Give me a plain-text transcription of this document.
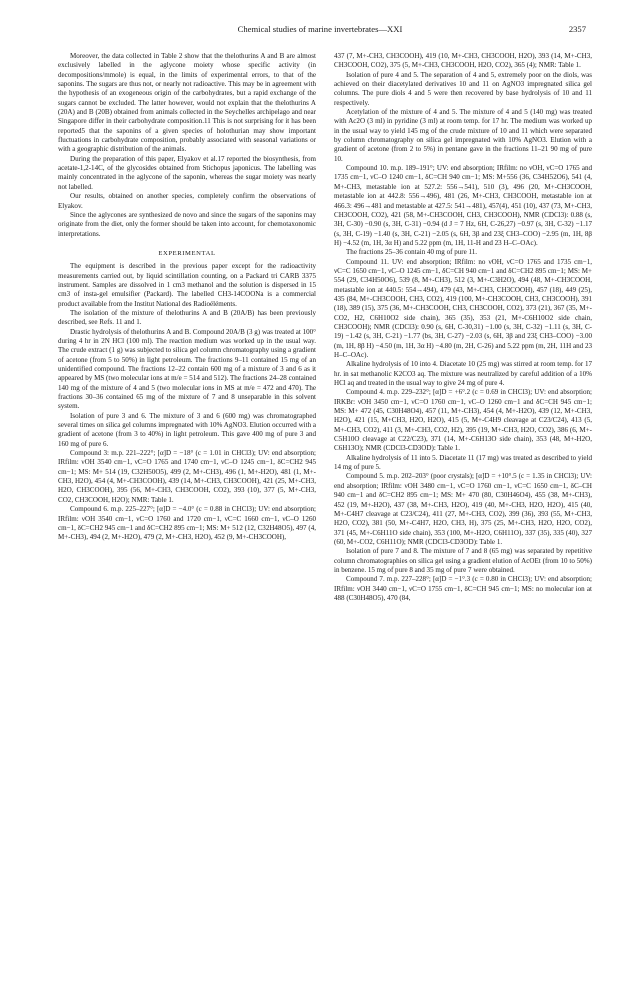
Chemical studies of marine invertebrates—XXI	2357

Moreover, the data collected in Table 2 show that the thelothurins A and B are almost exclusively labelled in the aglycone moiety whose specific activity (in decompositions/mmole) is equal, in the limits of experimental errors, to that of the saponins. The sugars are thus not, or nearly not radioactive. This may be in agreement with the hypothesis of an exogeneous origin of the carbohydrates, but a rapid exchange of the sugars cannot be excluded. The latter however, would not explain that the thelothurins A (20A) and B (20B) obtained from animals collected in the Seychelles archipelago and near Singapore differ in their carbohydrate composition.11 This is not surprising for it has been reported5 that the saponins of a given species of holothurian may show important fluctuations in carbohydrate composition, probably associated with seasonal variations or with a geographic distribution of the animals.

During the preparation of this paper, Elyakov et al.17 reported the biosynthesis, from acetate-1,2-14C, of the glycosides obtained from Stichopus japonicus. The labelling was mainly concentrated in the aglycone of the saponin, whereas the sugar moiety was nearly not labelled.

Our results, obtained on another species, completely confirm the observations of Elyakov.

Since the aglycones are synthesized de novo and since the sugars of the saponins may originate from the diet, only the former should be taken into account, for chemotaxonomic interpretations.

EXPERIMENTAL

The equipment is described in the previous paper except for the radioactivity measurements carried out, by liquid scintillation counting, on a Packard tri CARB 3375 instrument. Samples are dissolved in 1 cm3 methanol and the solution is dispersed in 15 cm3 of insta-gel emulsifier (Packard). The labelled CH3-14COONa is a commercial product available from the Institut National des Radioéléments.

The isolation of the mixture of thelothurins A and B (20A/B) has been previously described, see Refs. 11 and 1.

Drastic hydrolysis of thelothurins A and B. Compound 20A/B (3 g) was treated at 100° during 4 hr in 2N HCl (100 ml). The reaction medium was worked up in the usual way. The crude extract (1 g) was subjected to silica gel column chromatography using a gradient of acetone (from 5 to 50%) in light petroleum. The fractions 9–11 contained 15 mg of an unidentified compound. The fractions 12–22 contain 600 mg of a mixture of 3 and 6 as it appeared by MS (two molecular ions at m/e = 514 and 512). The fractions 24–28 contained 140 mg of the mixture of 4 and 5 (two molecular ions in MS at m/e = 472 and 470). The fractions 30–36 contained 65 mg of the mixture of 7 and 8 unseparable in this solvent system.

Isolation of pure 3 and 6. The mixture of 3 and 6 (600 mg) was chromatographed several times on silica gel columns impregnated with 10% AgNO3. Elution occurred with a gradient of acetone (from 3 to 40%) in light petroleum. This gave 400 mg of pure 3 and 160 mg of pure 6.

Compound 3: m.p. 221–222°; [α]D = −18° (c = 1.01 in CHCl3); UV: end absorption; IRfilm: νOH 3540 cm−1, νC=O 1765 and 1740 cm−1, νC–O 1245 cm−1, δC=CH2 945 cm−1; MS: M+ 514 (19, C32H50O5), 499 (2, M+-CH3), 496 (1, M+-H2O), 481 (1, M+-CH3, H2O), 454 (4, M+-CH3COOH), 439 (14, M+-CH3, CH3COOH), 421 (25, M+-CH3, H2O, CH3COOH), 395 (56, M+-CH3, CH3COOH, CO2), 393 (10), 377 (5, M+-CH3, CO2, CH3COOH, H2O); NMR: Table 1.

Compound 6. m.p. 225–227°; [α]D = −4.0° (c = 0.88 in CHCl3); UV: end absorption; IRfilm: νOH 3540 cm−1, νC=O 1760 and 1720 cm−1, νC=C 1660 cm−1, νC–O 1260 cm−1, δC=CH2 945 cm−1 and δC=CH2 895 cm−1; MS: M+ 512 (12, C32H48O5), 497 (4, M+-CH3), 494 (2, M+-H2O), 479 (2, M+-CH3, H2O), 452 (9, M+-CH3COOH),

437 (7, M+-CH3, CH3COOH), 419 (10, M+-CH3, CH3COOH, H2O), 393 (14, M+-CH3, CH3COOH, CO2), 375 (5, M+-CH3, CH3COOH, H2O, CO2), 365 (4); NMR: Table 1.

Isolation of pure 4 and 5. The separation of 4 and 5, extremely poor on the diols, was achieved on their diacetylated derivatives 10 and 11 on AgNO3 impregnated silica gel columns. The pure diols 4 and 5 were then recovered by base hydrolysis of 10 and 11 respectively.

Acetylation of the mixture of 4 and 5. The mixture of 4 and 5 (140 mg) was treated with Ac2O (3 ml) in pyridine (3 ml) at room temp. for 17 hr. The medium was worked up in the usual way to yield 145 mg of the crude mixture of 10 and 11 which were separated by column chromatography on silica gel impregnated with 10% AgNO3. Elution with a gradient of acetone (from 2 to 5%) in pentane gave in the fractions 11–21 90 mg of pure 10.

Compound 10. m.p. 189–191°; UV: end absorption; IRfilm: no νOH, νC=O 1765 and 1735 cm−1, νC–O 1240 cm−1, δC=CH 940 cm−1; MS: M+556 (36, C34H52O6), 541 (4, M+-CH3, metastable ion at 527.2: 556→541), 510 (3), 496 (20, M+-CH3COOH, metastable ion at 442.8: 556→496), 481 (26, M+-CH3, CH3COOH, metastable ion at 466.3: 496→481 and metastable at 427.5: 541→481), 457(4), 451 (10), 437 (73, M+-CH3, CH3COOH, CO2), 421 (58, M+-CH3COOH, CH3, CH3COOH), NMR (CDCl3): 0.88 (s, 3H, C-30) −0.90 (s, 3H, C-31) −0.94 (d J = 7 Hz, 6H, C-26,27) −0.97 (s, 3H, C-32) −1.17 (s, 3H, C-19) −1.40 (s, 3H, C-21) −2.05 (s, 6H, 3β and 23ξ CH3–COO) −2.95 (m, 1H, 8β H) −4.52 (m, 1H, 3α H) and 5.22 ppm (m, 1H, 11-H and 23 H–C–OAc).

The fractions 25–36 contain 40 mg of pure 11.

Compound 11. UV: end absorption; IRfilm: no νOH, νC=O 1765 and 1735 cm−1, νC=C 1650 cm−1, νC–O 1245 cm−1, δC=CH 940 cm−1 and δC=CH2 895 cm−1; MS: M+ 554 (29, C34H50O6), 539 (8, M+-CH3), 512 (3, M+-C3H2O), 494 (48, M+-CH3COOH, metastable ion at 440.5: 554→494), 479 (43, M+-CH3, CH3COOH), 457 (18), 449 (25), 435 (84, M+-CH3COOH, CH3, CO2), 419 (100, M+-CH3COOH, CH3, CH3COOH), 391 (18), 389 (15), 375 (36, M+-CH3COOH, CH3, CH3COOH, CO2), 373 (21), 367 (35, M+-CO2, H2, C6H10O2 side chain), 365 (35), 353 (21, M+-C6H10O2 side chain, CH3COOH); NMR (CDCl3): 0.90 (s, 6H, C-30,31) −1.00 (s, 3H, C-32) −1.11 (s, 3H, C-19) −1.42 (s, 3H, C-21) −1.77 (bs, 3H, C-27) −2.03 (s, 6H, 3β and 23ξ CH3–COO) −3.00 (m, 1H, 8β H) −4.50 (m, 1H, 3α H) −4.80 (m, 2H, C-26) and 5.22 ppm (m, 2H, 11H and 23 H–C–OAc).

Alkaline hydrolysis of 10 into 4. Diacetate 10 (25 mg) was stirred at room temp. for 17 hr. in sat methanolic K2CO3 aq. The mixture was neutralized by careful addition of a 10% HCl aq and treated in the usual way to give 24 mg of pure 4.

Compound 4. m.p. 229–232°; [α]D = +6°.2 (c = 0.69 in CHCl3); UV: end absorption; IRKBr: νOH 3450 cm−1, νC=O 1760 cm−1, νC–O 1260 cm−1 and δC=CH 945 cm−1; MS: M+ 472 (45, C30H48O4), 457 (11, M+-CH3), 454 (4, M+-H2O), 439 (12, M+-CH3, H2O), 421 (15, M+CH3, H2O, H2O), 415 (5, M+-C4H9 cleavage at C23/C24), 413 (5, M+-CH3, CO2), 411 (3, M+-CH3, CO2, H2), 395 (19, M+-CH3, H2O, CO2), 386 (6, M+-C5H10O cleavage at C22/C23), 371 (14, M+-C6H13O side chain), 353 (48, M+-H2O, C6H13O); NMR (CDCl3-CD3OD): Table 1.

Alkaline hydrolysis of 11 into 5. Diacetate 11 (17 mg) was treated as described to yield 14 mg of pure 5.

Compound 5. m.p. 202–203° (poor crystals); [α]D = +10°.5 (c = 1.35 in CHCl3); UV: end absorption; IRfilm: νOH 3480 cm−1, νC=O 1760 cm−1, νC=C 1650 cm−1, δC–CH 940 cm−1 and δC=CH2 895 cm−1; MS: M+ 470 (80, C30H46O4), 455 (38, M+-CH3), 452 (19, M+-H2O), 437 (38, M+-CH3, H2O), 419 (40, M+-CH3, H2O, H2O), 415 (40, M+-C4H7 cleavage at C23/C24), 411 (27, M+-CH3, CO2), 399 (36), 393 (55, M+-CH3, H2O, CO2), 381 (50, M+-C4H7, H2O, CH3, H), 375 (25, M+-CH3, H2O, H2O, CO2), 371 (45, M+-C6H11O side chain), 353 (100, M+-H2O, C6H11O), 337 (35), 335 (40), 327 (60, M+-CO2, C6H11O); NMR (CDCl3-CD3OD): Table 1.

Isolation of pure 7 and 8. The mixture of 7 and 8 (65 mg) was separated by repetitive column chromatographies on silica gel using a gradient elution of AcOEt (from 10 to 50%) in benzene. 15 mg of pure 8 and 35 mg of pure 7 were obtained.

Compound 7. m.p. 227–228°; [α]D = −1°.3 (c = 0.80 in CHCl3); UV: end absorption; IRfilm: νOH 3440 cm−1, νC=O 1755 cm−1, δC=CH 945 cm−1; MS: no molecular ion at 488 (C30H48O5), 470 (84,
